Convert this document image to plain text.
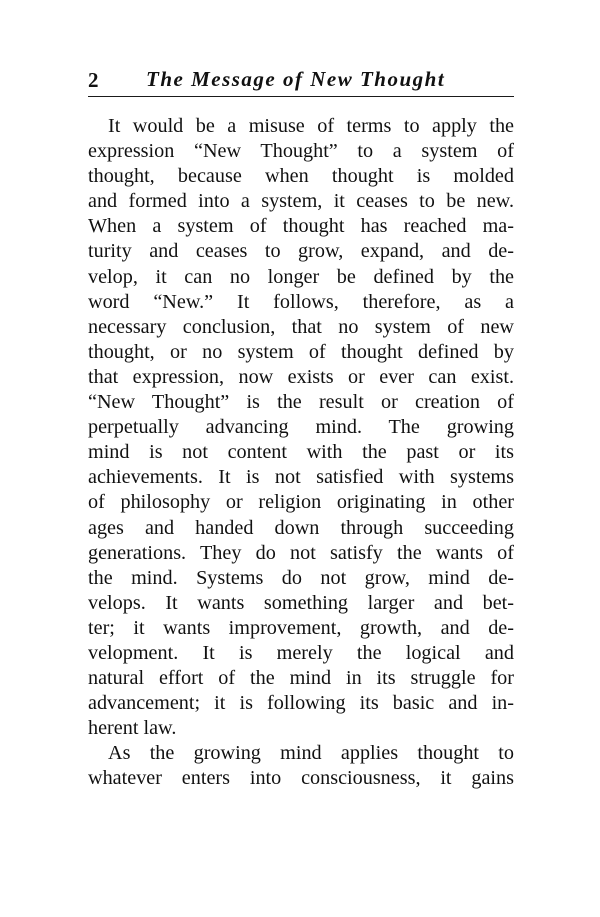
2 The Message of New Thought
It would be a misuse of terms to apply the
expression “New Thought” to a system of
thought, because when thought is molded
and formed into a system, it ceases to be new.
When a system of thought has reached ma-
turity and ceases to grow, expand, and de-
velop, it can no longer be defined by the
word “New.” It follows, therefore, as a
necessary conclusion, that no system of new
thought, or no system of thought defined by
that expression, now exists or ever can exist.
“New Thought” is the result or creation of
perpetually advancing mind. The growing
mind is not content with the past or its
achievements. It is not satisfied with systems
of philosophy or religion originating in other
ages and handed down through succeeding
generations. They do not satisfy the wants of
the mind. Systems do not grow, mind de-
velops. It wants something larger and bet-
ter; it wants improvement, growth, and de-
velopment. It is merely the logical and
natural effort of the mind in its struggle for
advancement; it is following its basic and in-
herent law.
As the growing mind applies thought to
whatever enters into consciousness, it gains
